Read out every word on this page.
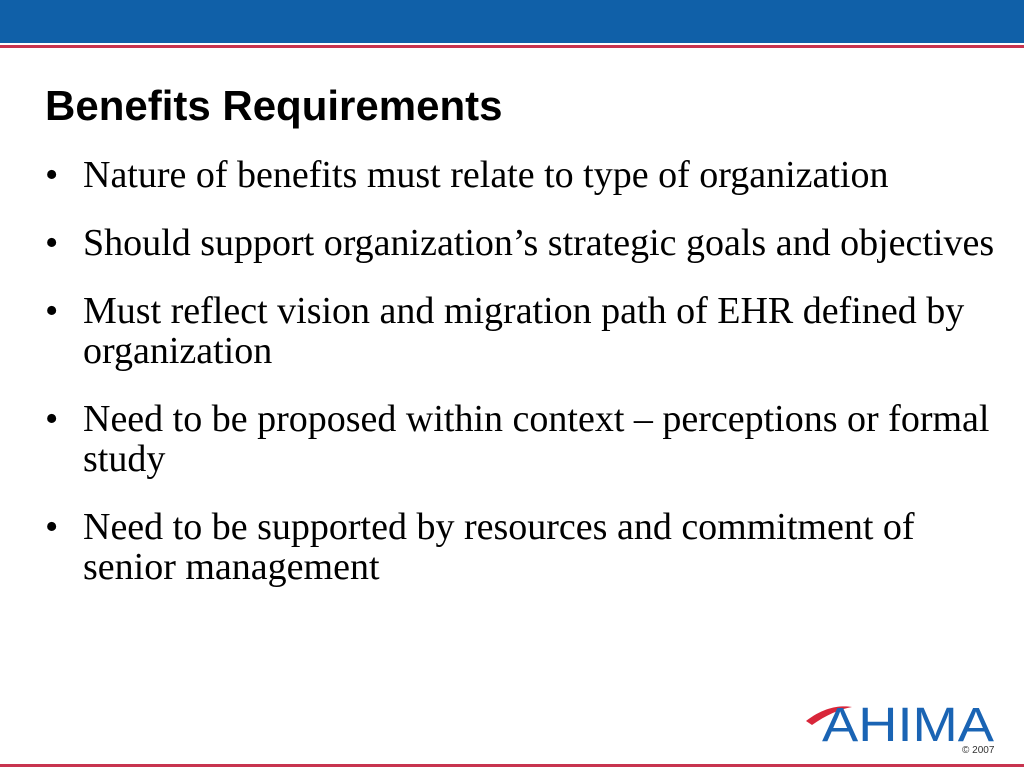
Benefits Requirements
• Nature of benefits must relate to type of organization
• Should support organization’s strategic goals and objectives
• Must reflect vision and migration path of EHR defined by organization
• Need to be proposed within context – perceptions or formal study
• Need to be supported by resources and commitment of senior management
AHIMA
© 2007
